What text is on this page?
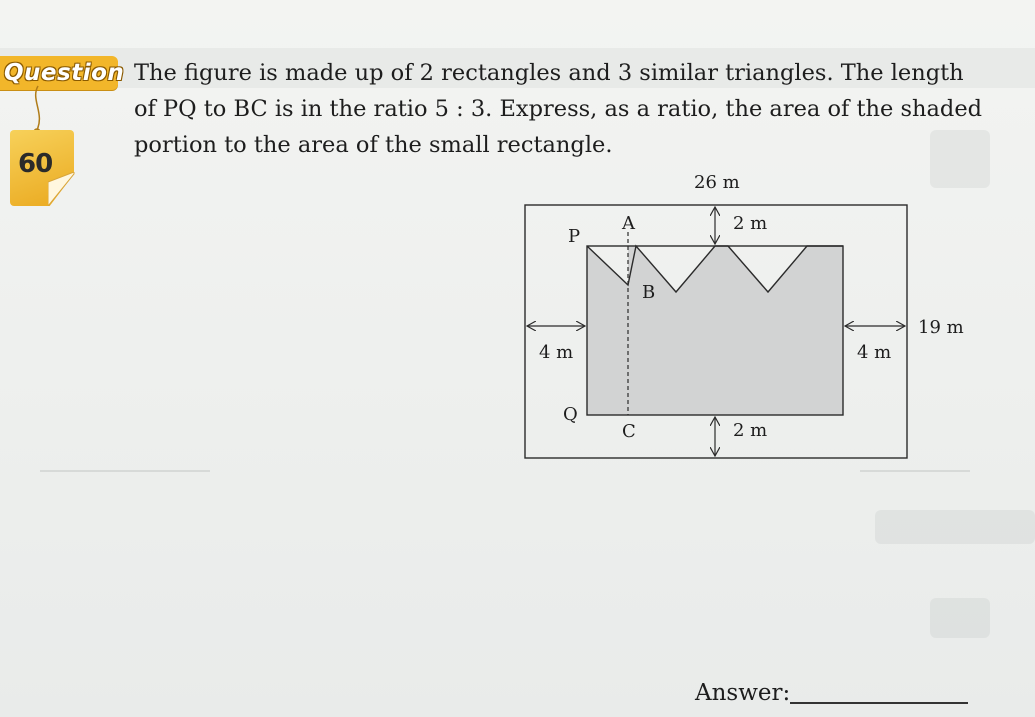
Question
60
The figure is made up of 2 rectangles and 3 similar triangles. The length
of PQ to BC is in the ratio 5 : 3. Express, as a ratio, the area of the shaded
portion to the area of the small rectangle.
26 m
19 m
2 m
2 m
4 m	4 m
P
A
B
Q
C
Answer:
